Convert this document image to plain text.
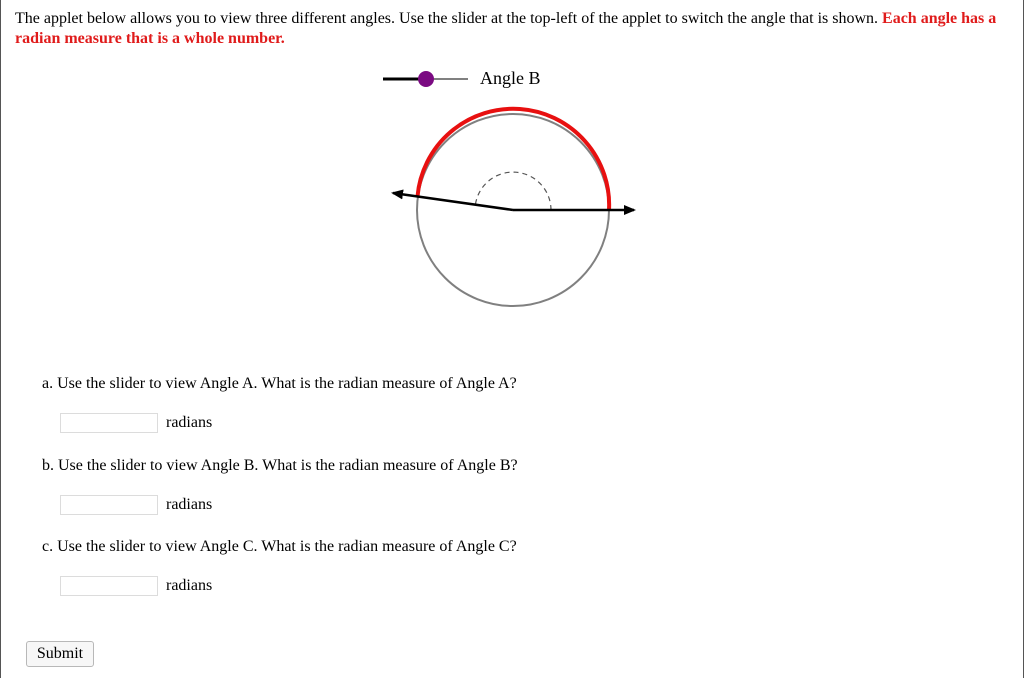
The applet below allows you to view three different angles. Use the slider at the top-left of the applet to switch the angle that is shown. Each angle has a radian measure that is a whole number.
Angle B
a. Use the slider to view Angle A. What is the radian measure of Angle A?
radians
b. Use the slider to view Angle B. What is the radian measure of Angle B?
radians
c. Use the slider to view Angle C. What is the radian measure of Angle C?
radians
Submit
